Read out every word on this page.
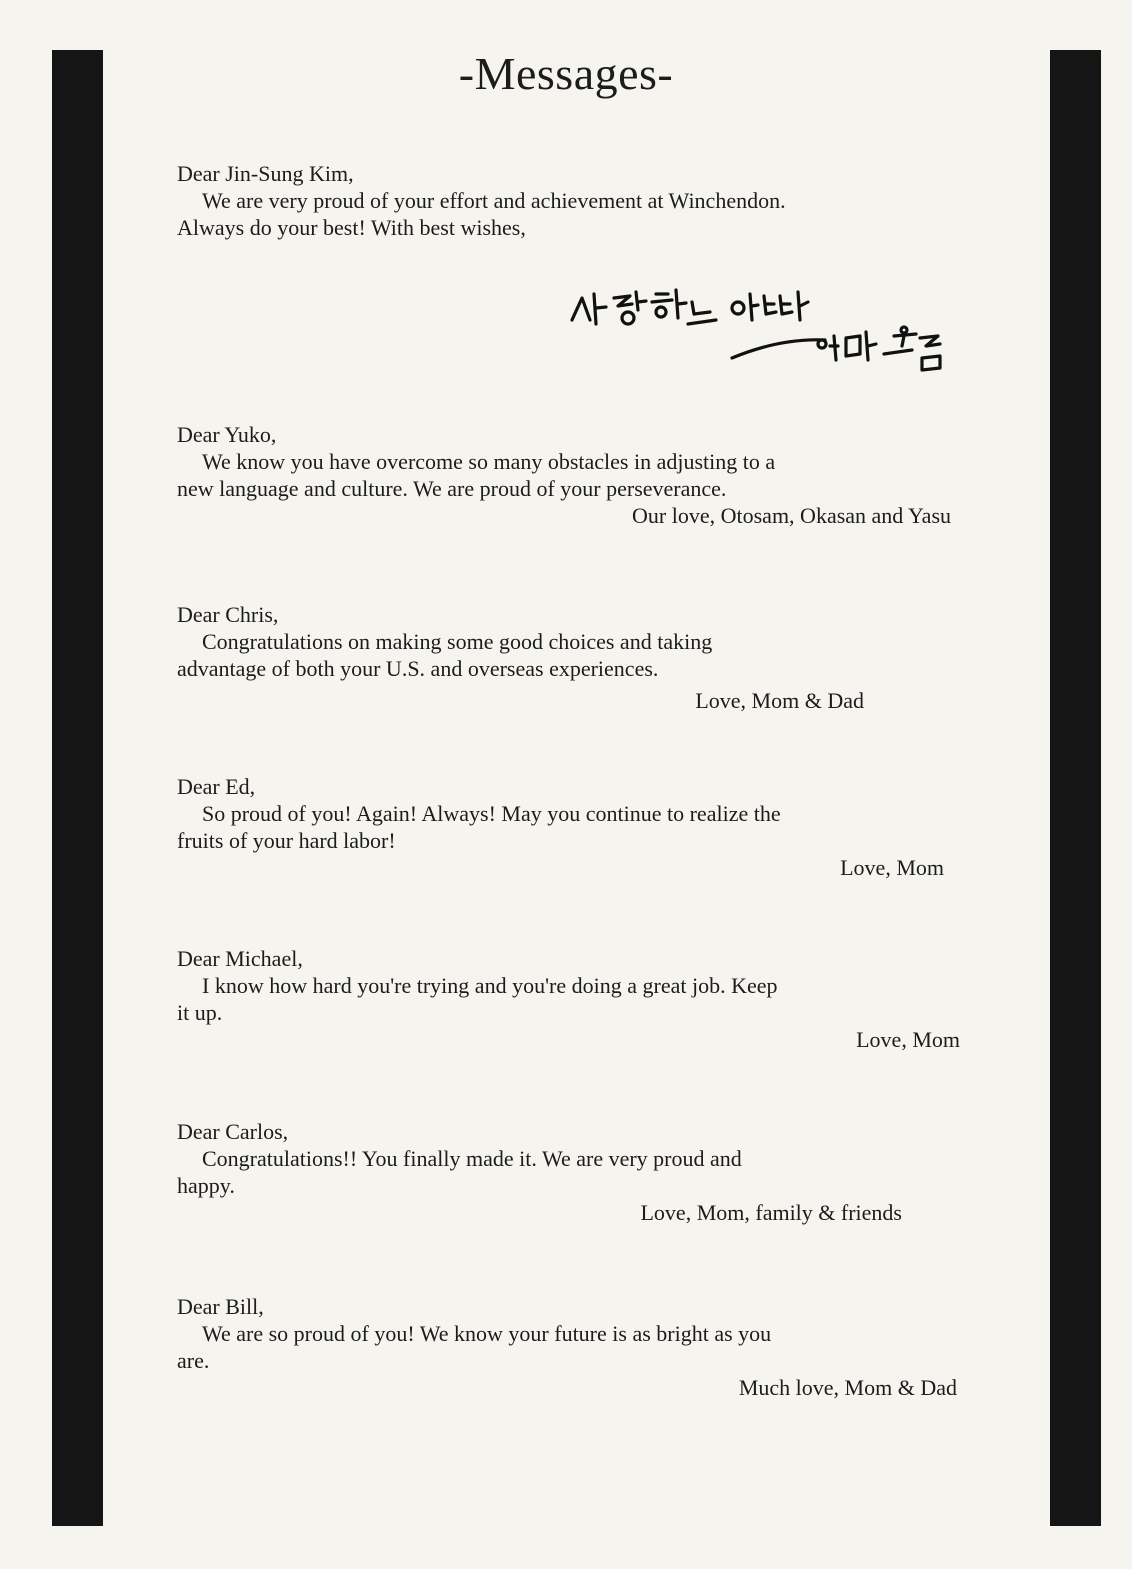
-Messages-
Dear Jin-Sung Kim,
We are very proud of your effort and achievement at Winchendon.
Always do your best! With best wishes,
Dear Yuko,
We know you have overcome so many obstacles in adjusting to a
new language and culture. We are proud of your perseverance.
Our love, Otosam, Okasan and Yasu
Dear Chris,
Congratulations on making some good choices and taking
advantage of both your U.S. and overseas experiences.
Love, Mom & Dad
Dear Ed,
So proud of you! Again! Always! May you continue to realize the
fruits of your hard labor!
Love, Mom
Dear Michael,
I know how hard you're trying and you're doing a great job. Keep
it up.
Love, Mom
Dear Carlos,
Congratulations!! You finally made it. We are very proud and
happy.
Love, Mom, family & friends
Dear Bill,
We are so proud of you! We know your future is as bright as you
are.
Much love, Mom & Dad
